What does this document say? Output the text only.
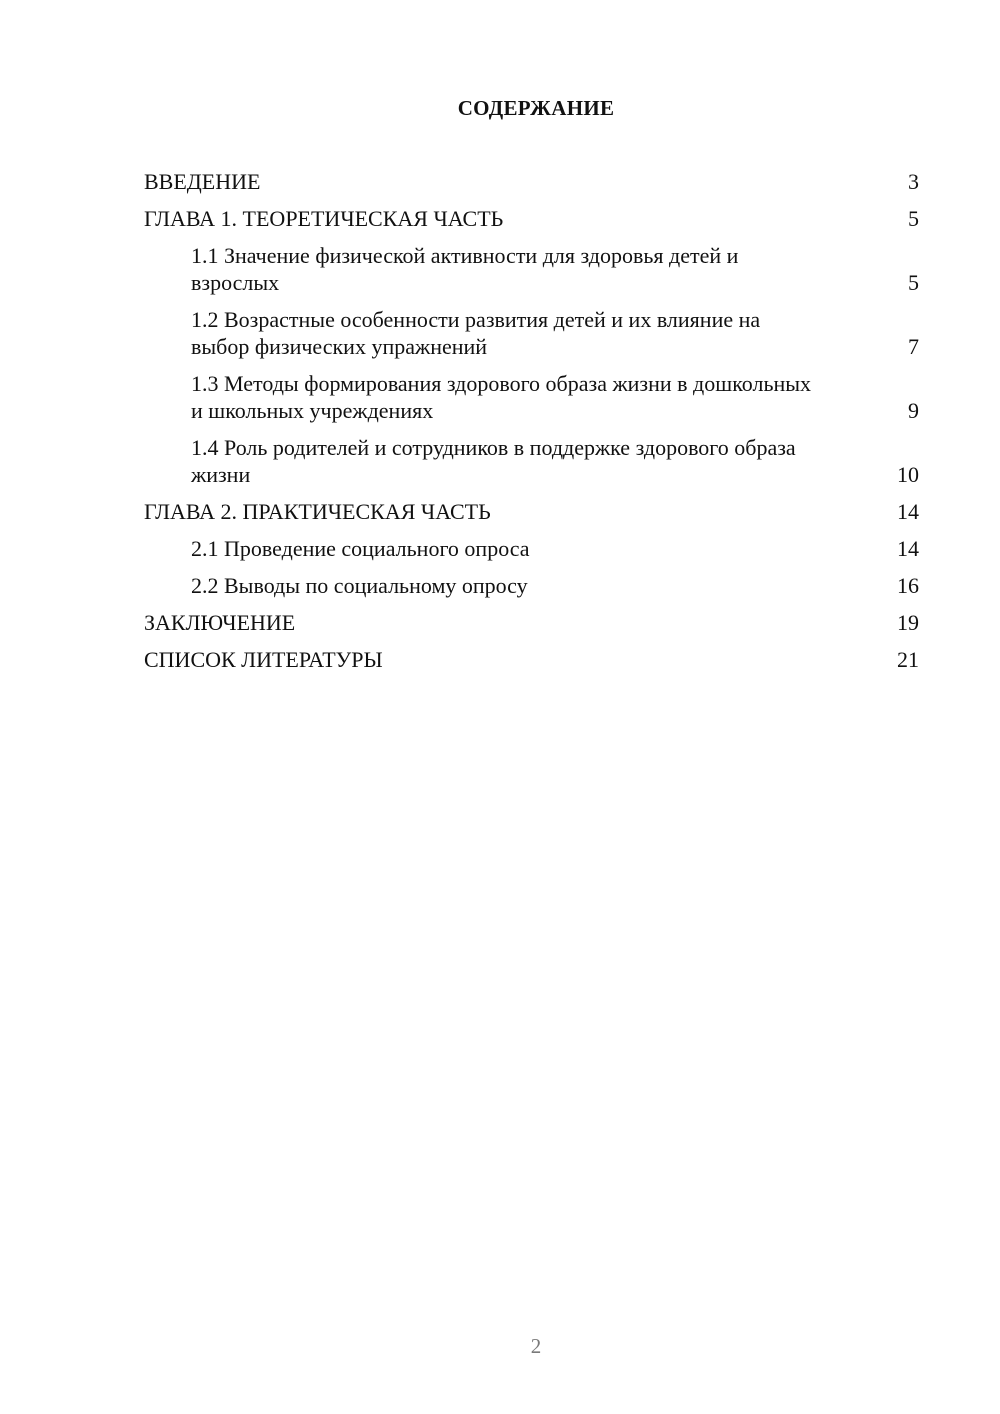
СОДЕРЖАНИЕ
ВВЕДЕНИЕ	3
ГЛАВА 1. ТЕОРЕТИЧЕСКАЯ ЧАСТЬ	5
1.1 Значение физической активности для здоровья детей и взрослых	5
1.2 Возрастные особенности развития детей и их влияние на выбор физических упражнений	7
1.3 Методы формирования здорового образа жизни в дошкольных и школьных учреждениях	9
1.4 Роль родителей и сотрудников в поддержке здорового образа жизни	10
ГЛАВА 2. ПРАКТИЧЕСКАЯ ЧАСТЬ	14
2.1 Проведение социального опроса	14
2.2 Выводы по социальному опросу	16
ЗАКЛЮЧЕНИЕ	19
СПИСОК ЛИТЕРАТУРЫ	21
2
